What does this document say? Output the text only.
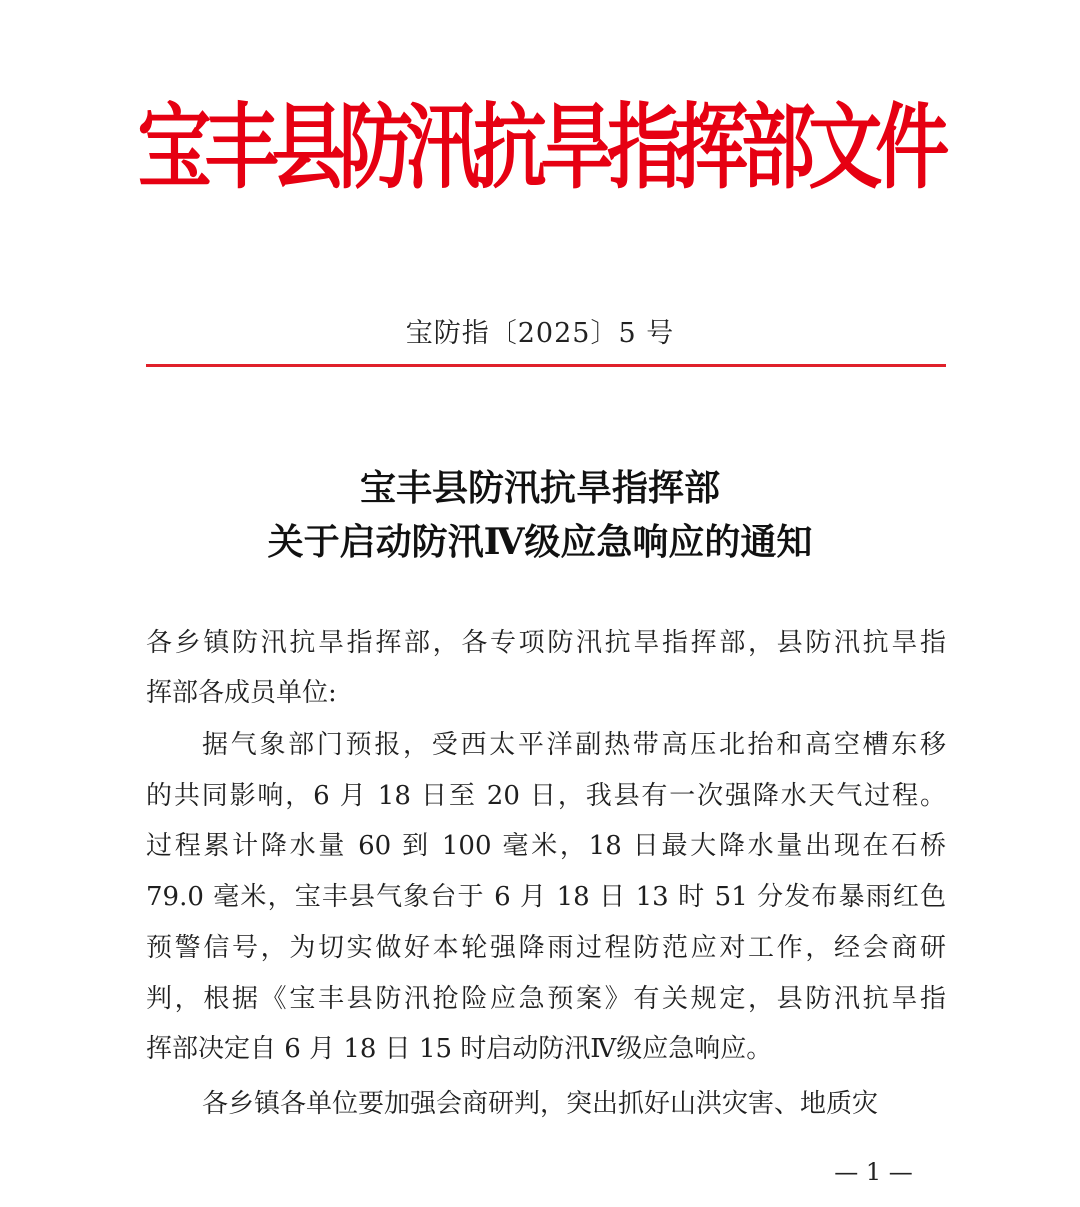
宝丰县防汛抗旱指挥部文件
宝防指〔2025〕5 号
宝丰县防汛抗旱指挥部
关于启动防汛Ⅳ级应急响应的通知
各乡镇防汛抗旱指挥部，各专项防汛抗旱指挥部，县防汛抗旱指
挥部各成员单位:
据气象部门预报，受西太平洋副热带高压北抬和高空槽东移
的共同影响，6 月 18 日至 20 日，我县有一次强降水天气过程。
过程累计降水量 60 到 100 毫米，18 日最大降水量出现在石桥
79.0 毫米，宝丰县气象台于 6 月 18 日 13 时 51 分发布暴雨红色
预警信号，为切实做好本轮强降雨过程防范应对工作，经会商研
判，根据《宝丰县防汛抢险应急预案》有关规定，县防汛抗旱指
挥部决定自 6 月 18 日 15 时启动防汛Ⅳ级应急响应。
各乡镇各单位要加强会商研判，突出抓好山洪灾害、地质灾
— 1 —
